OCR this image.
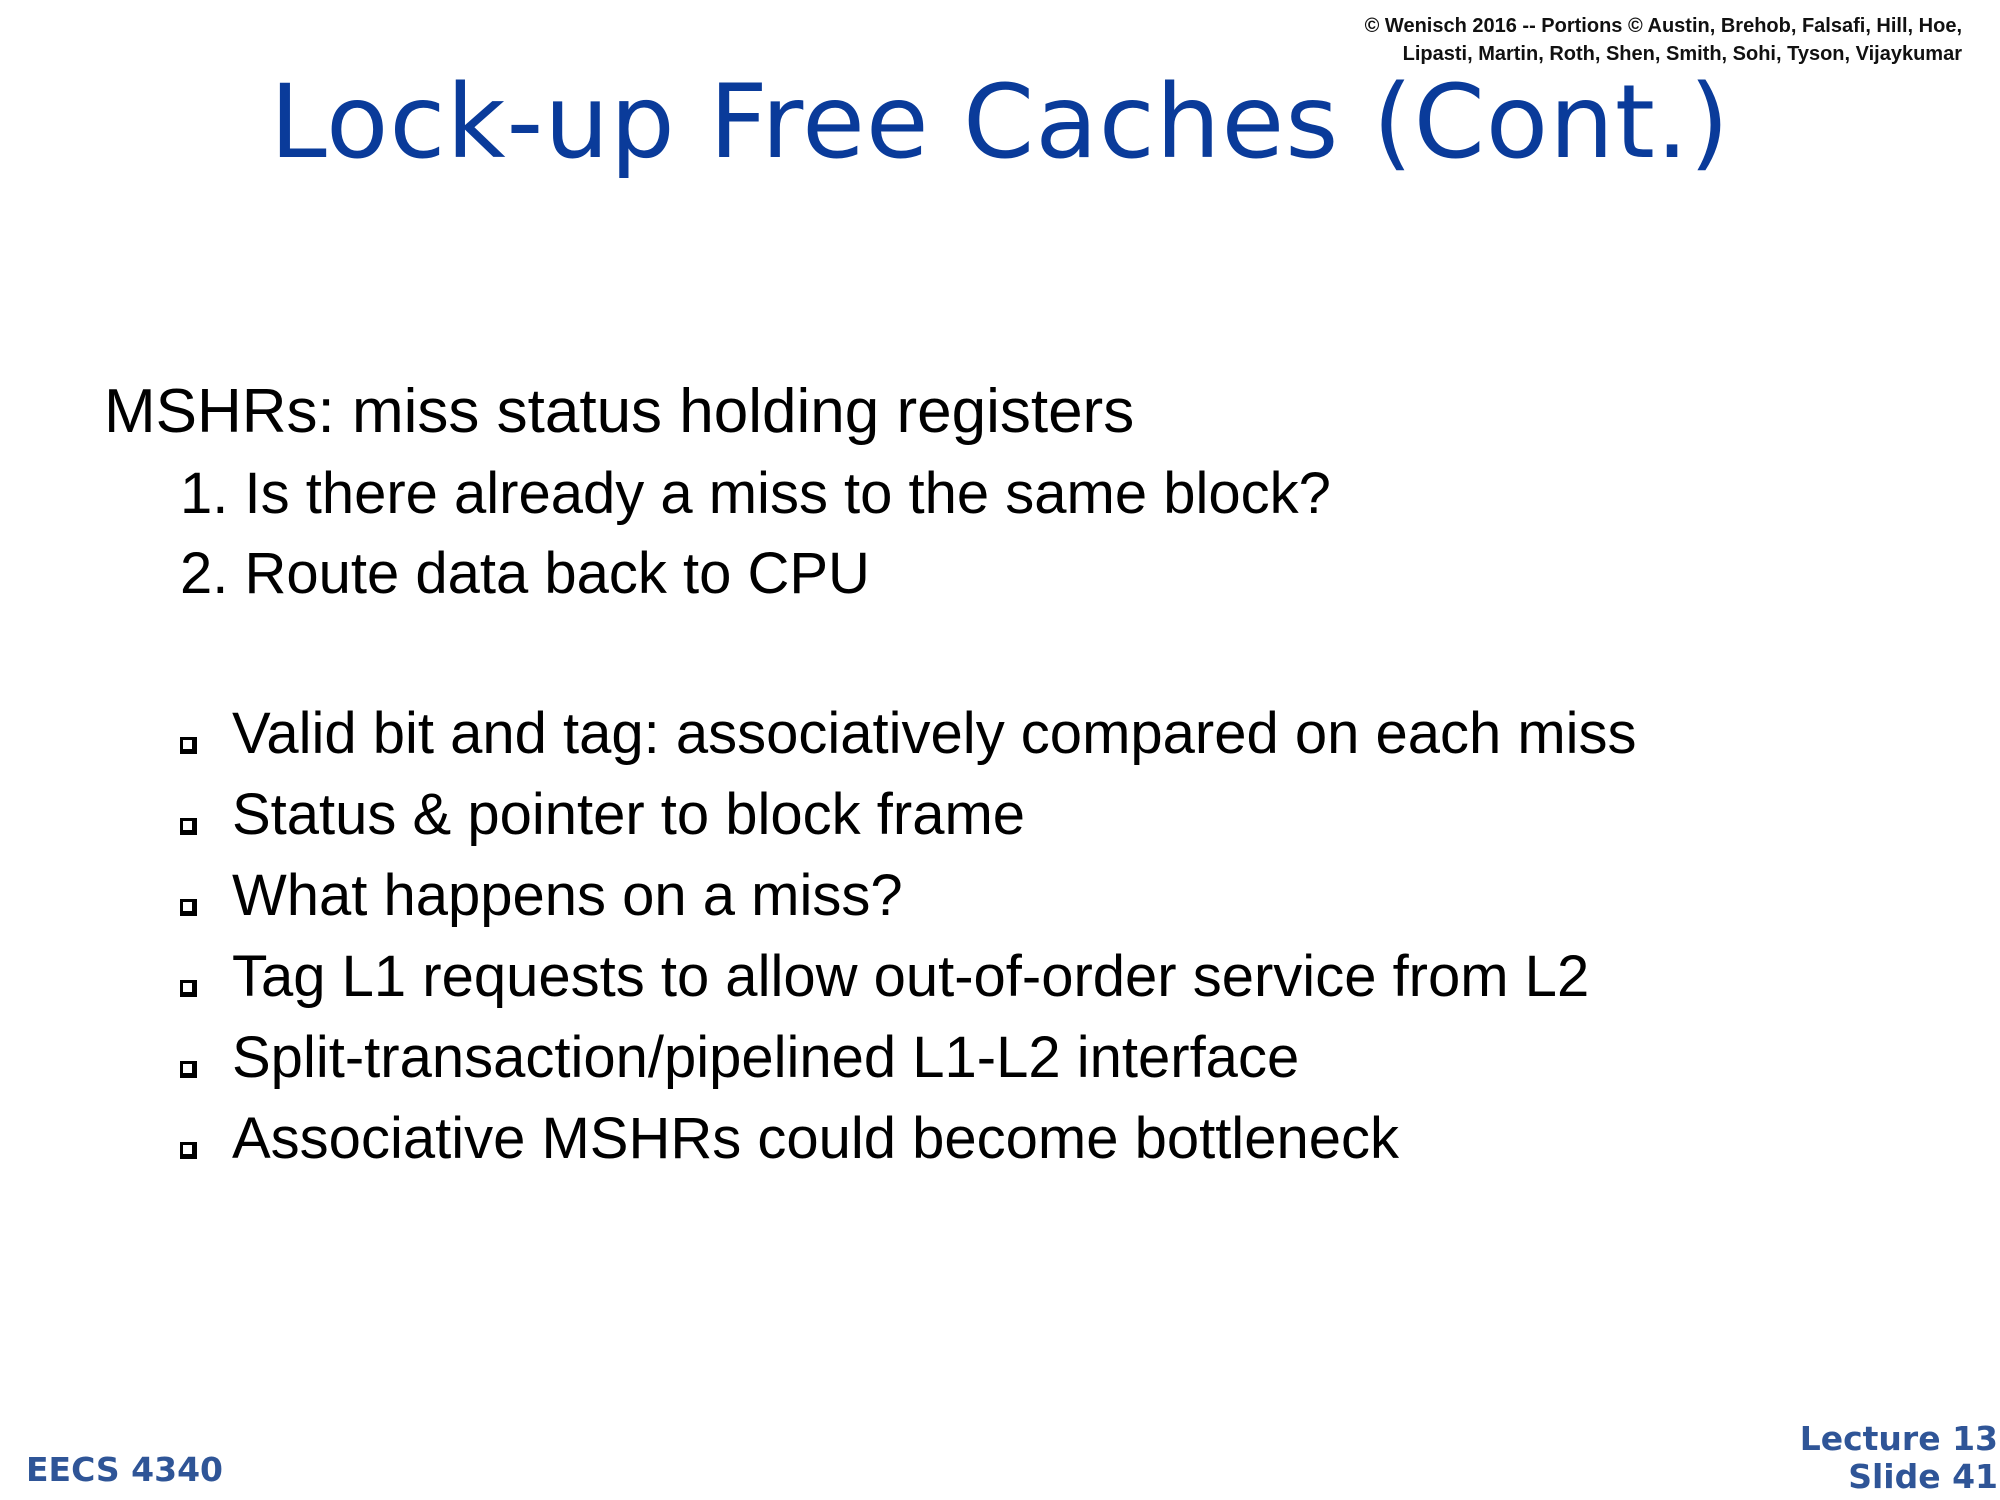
© Wenisch 2016 -- Portions © Austin, Brehob, Falsafi, Hill, Hoe,
Lipasti, Martin, Roth, Shen, Smith, Sohi, Tyson, Vijaykumar
Lock-up Free Caches (Cont.)

MSHRs: miss status holding registers

1. Is there already a miss to the same block?
2. Route data back to CPU
Valid bit and tag: associatively compared on each miss
Status & pointer to block frame
What happens on a miss?
Tag L1 requests to allow out-of-order service from L2
Split-transaction/pipelined L1-L2 interface
Associative MSHRs could become bottleneck
EECS 4340
Lecture 13
Slide 41
